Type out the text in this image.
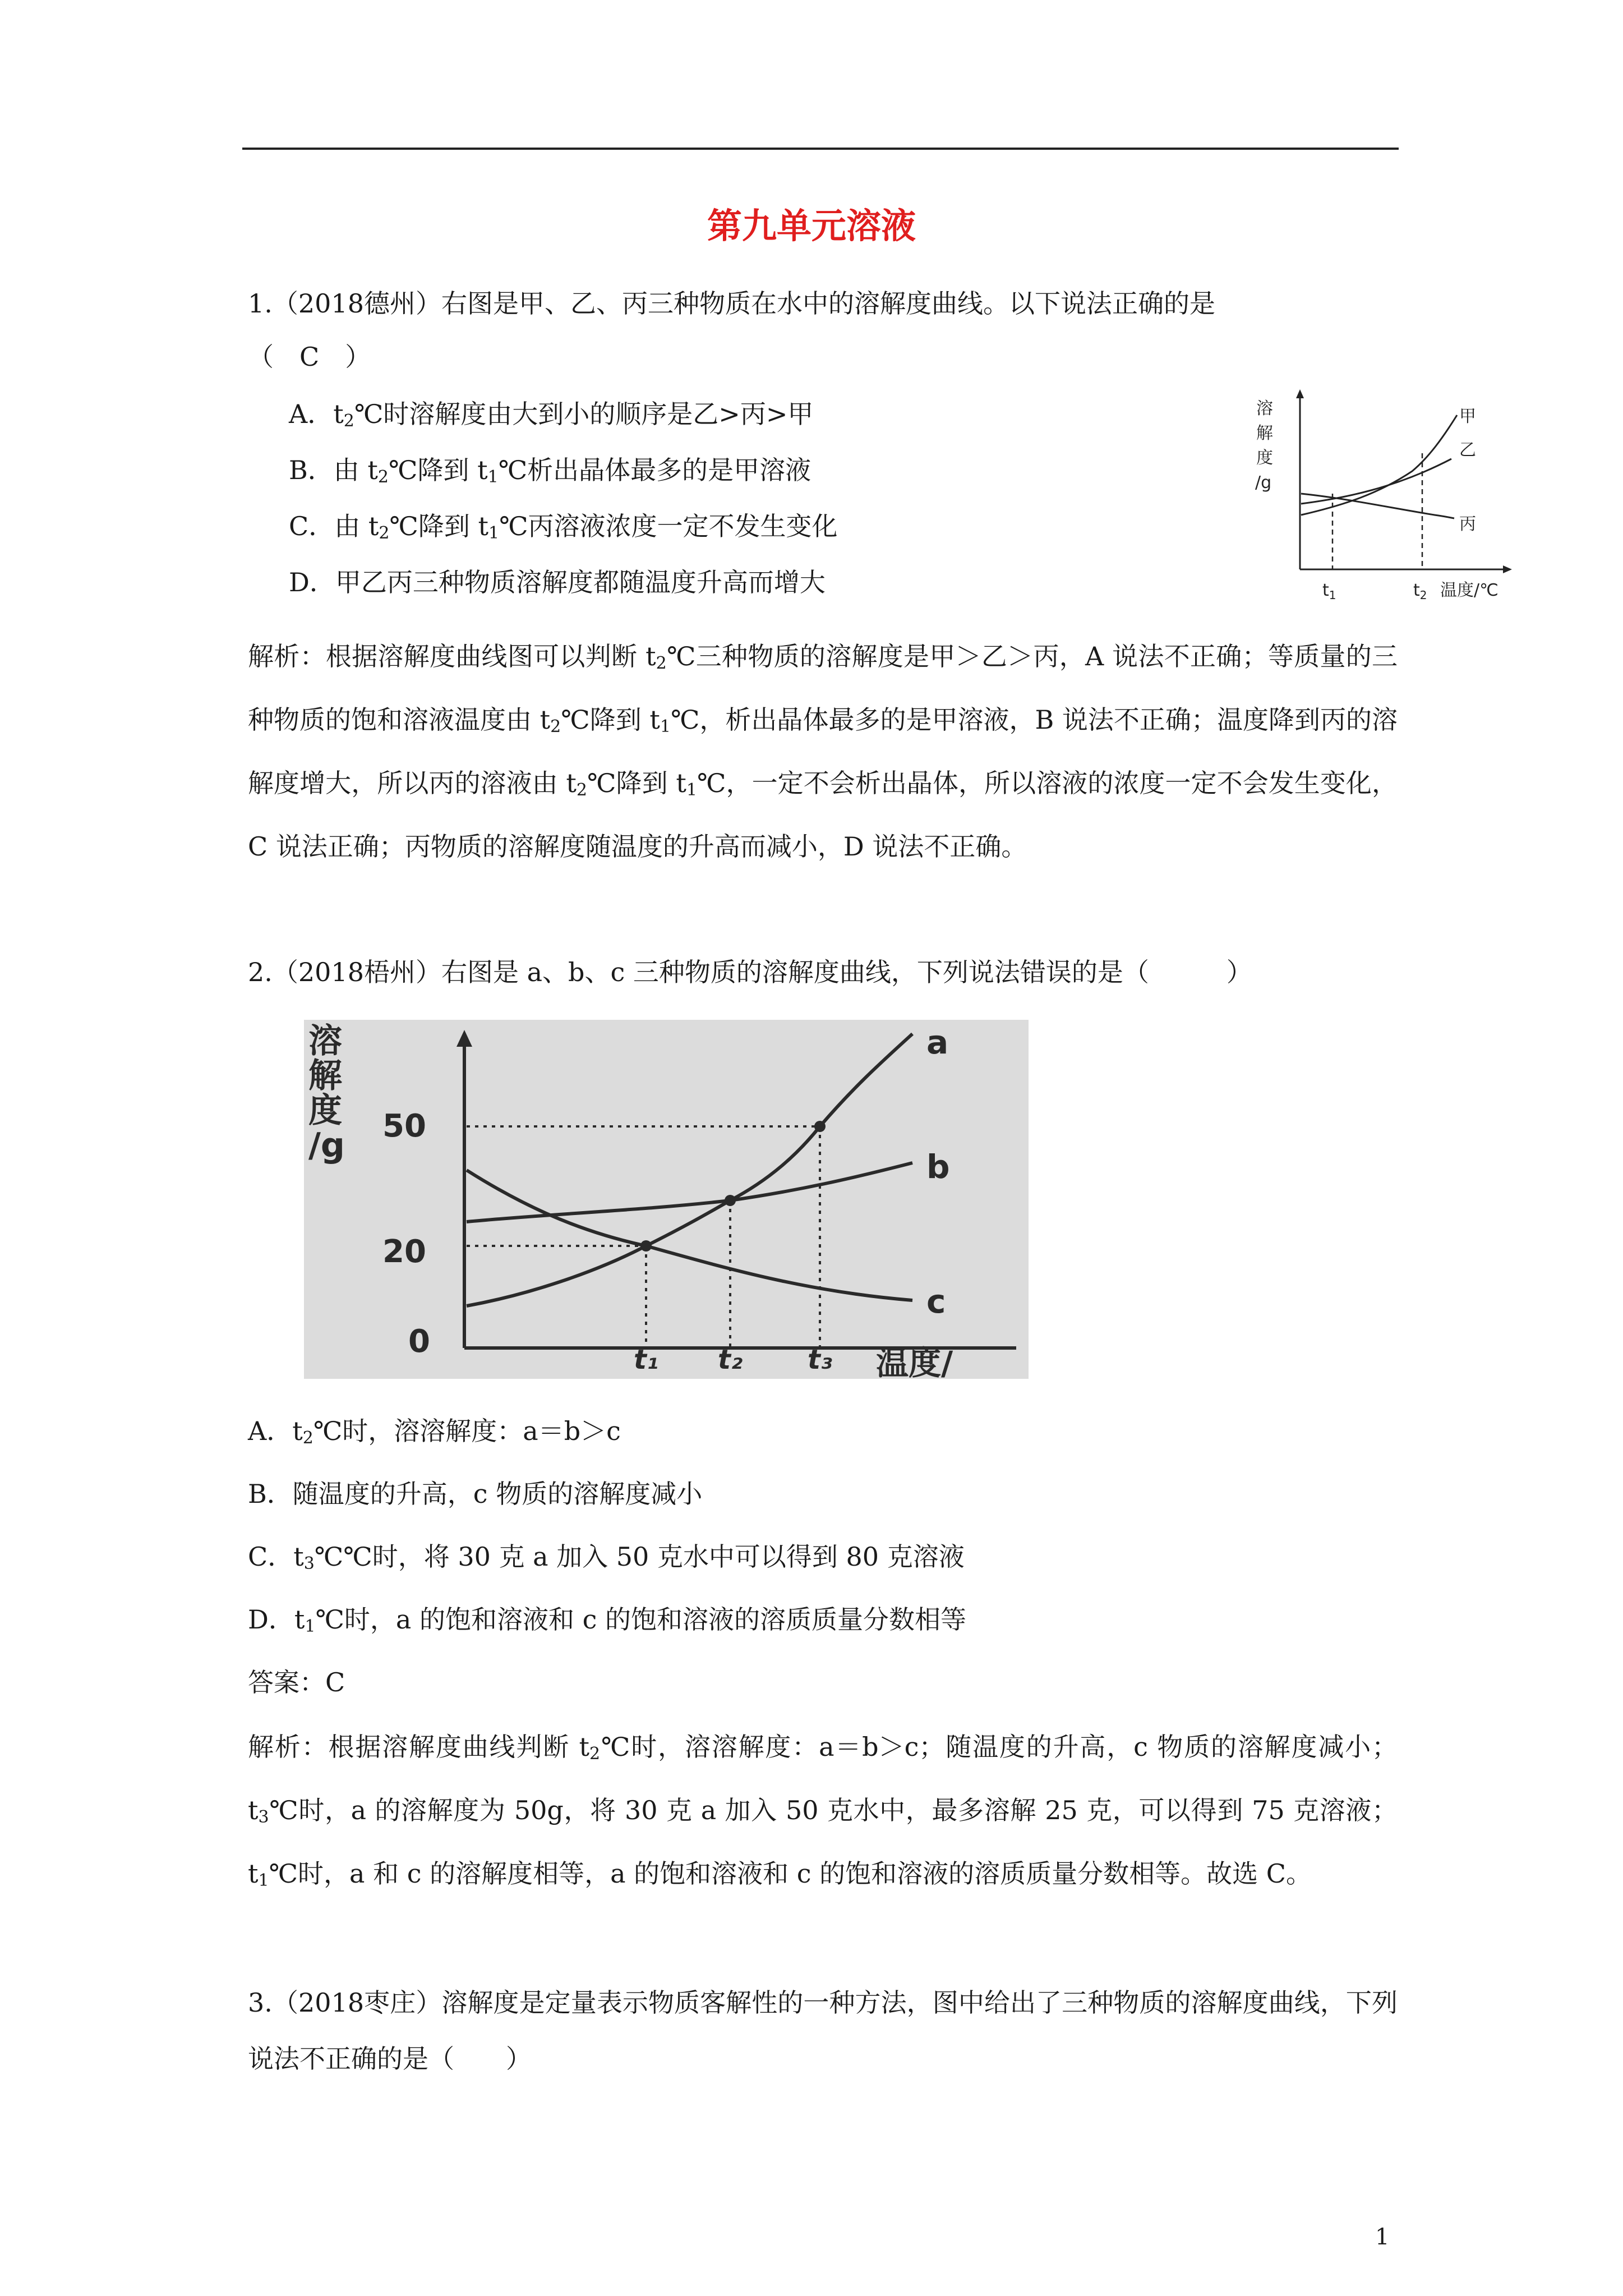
第九单元溶液
1.（2018德州）右图是甲、乙、丙三种物质在水中的溶解度曲线。以下说法正确的是
（　C　）
A．$t_2℃$时溶解度由大到小的顺序是乙>丙>甲
B．由 $t_2℃$降到 $t_1℃$析出晶体最多的是甲溶液
C．由 $t_2℃$降到 $t_1℃$丙溶液浓度一定不发生变化
D．甲乙丙三种物质溶解度都随温度升高而增大
溶
解
度
/g
甲
乙
丙
$t_1$	$t_2$ 温度/℃
解析：根据溶解度曲线图可以判断 $t_2℃$三种物质的溶解度是甲＞乙＞丙，A 说法不正确；等质量的三种物质的饱和溶液温度由 $t_2℃$降到 $t_1℃$，析出晶体最多的是甲溶液，B 说法不正确；温度降到丙的溶解度增大，所以丙的溶液由 $t_2℃$降到 $t_1℃$，一定不会析出晶体，所以溶液的浓度一定不会发生变化，C 说法正确；丙物质的溶解度随温度的升高而减小，D 说法不正确。
2.（2018梧州）右图是 a、b、c 三种物质的溶解度曲线，下列说法错误的是（　　　）
溶
解
度
/g 50
20
0
a
b
c
t₁ t₂ t₃ 温度/
A．$t_2℃$时，溶溶解度：a＝b＞c
B．随温度的升高，c 物质的溶解度减小
C．$t_3℃℃$时，将 30 克 a 加入 50 克水中可以得到 80 克溶液
D．$t_1℃$时，a 的饱和溶液和 c 的饱和溶液的溶质质量分数相等
答案：C
解析：根据溶解度曲线判断 $t_2℃$时，溶溶解度：a＝b＞c；随温度的升高，c 物质的溶解度减小；$t_3℃$时，a 的溶解度为 50g，将 30 克 a 加入 50 克水中，最多溶解 25 克，可以得到 75 克溶液；$t_1℃$时，a 和 c 的溶解度相等，a 的饱和溶液和 c 的饱和溶液的溶质质量分数相等。故选 C。
3.（2018枣庄）溶解度是定量表示物质客解性的一种方法，图中给出了三种物质的溶解度曲线，下列说法不正确的是（　　）
1
